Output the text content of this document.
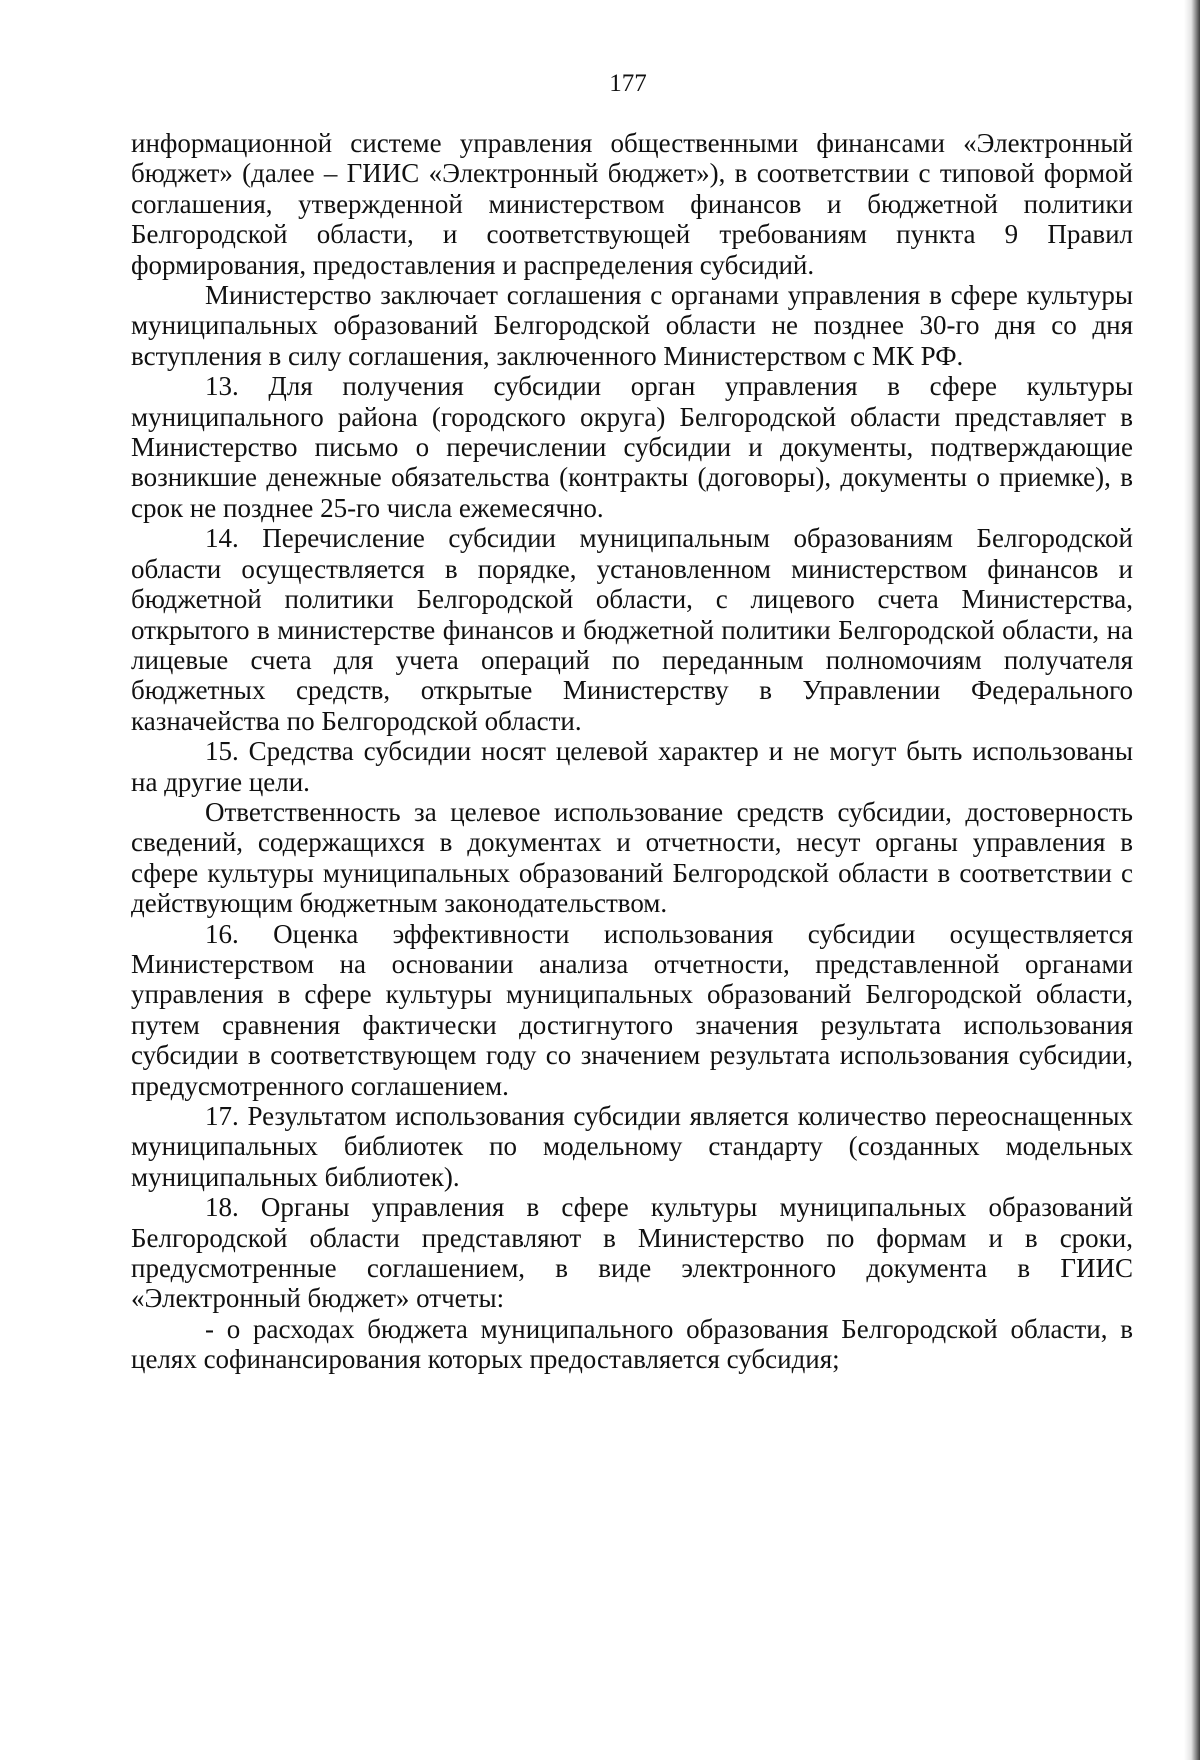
177

информационной системе управления общественными финансами «Электронный бюджет» (далее – ГИИС «Электронный бюджет»), в соответствии с типовой формой соглашения, утвержденной министерством финансов и бюджетной политики Белгородской области, и соответствующей требованиям пункта 9 Правил формирования, предоставления и распределения субсидий.

Министерство заключает соглашения с органами управления в сфере культуры муниципальных образований Белгородской области не позднее 30-го дня со дня вступления в силу соглашения, заключенного Министерством с МК РФ.

13. Для получения субсидии орган управления в сфере культуры муниципального района (городского округа) Белгородской области представляет в Министерство письмо о перечислении субсидии и документы, подтверждающие возникшие денежные обязательства (контракты (договоры), документы о приемке), в срок не позднее 25-го числа ежемесячно.

14. Перечисление субсидии муниципальным образованиям Белгородской области осуществляется в порядке, установленном министерством финансов и бюджетной политики Белгородской области, с лицевого счета Министерства, открытого в министерстве финансов и бюджетной политики Белгородской области, на лицевые счета для учета операций по переданным полномочиям получателя бюджетных средств, открытые Министерству в Управлении Федерального казначейства по Белгородской области.

15. Средства субсидии носят целевой характер и не могут быть использованы на другие цели.

Ответственность за целевое использование средств субсидии, достоверность сведений, содержащихся в документах и отчетности, несут органы управления в сфере культуры муниципальных образований Белгородской области в соответствии с действующим бюджетным законодательством.

16. Оценка эффективности использования субсидии осуществляется Министерством на основании анализа отчетности, представленной органами управления в сфере культуры муниципальных образований Белгородской области, путем сравнения фактически достигнутого значения результата использования субсидии в соответствующем году со значением результата использования субсидии, предусмотренного соглашением.

17. Результатом использования субсидии является количество переоснащенных муниципальных библиотек по модельному стандарту (созданных модельных муниципальных библиотек).

18. Органы управления в сфере культуры муниципальных образований Белгородской области представляют в Министерство по формам и в сроки, предусмотренные соглашением, в виде электронного документа в ГИИС «Электронный бюджет» отчеты:

- о расходах бюджета муниципального образования Белгородской области, в целях софинансирования которых предоставляется субсидия;
